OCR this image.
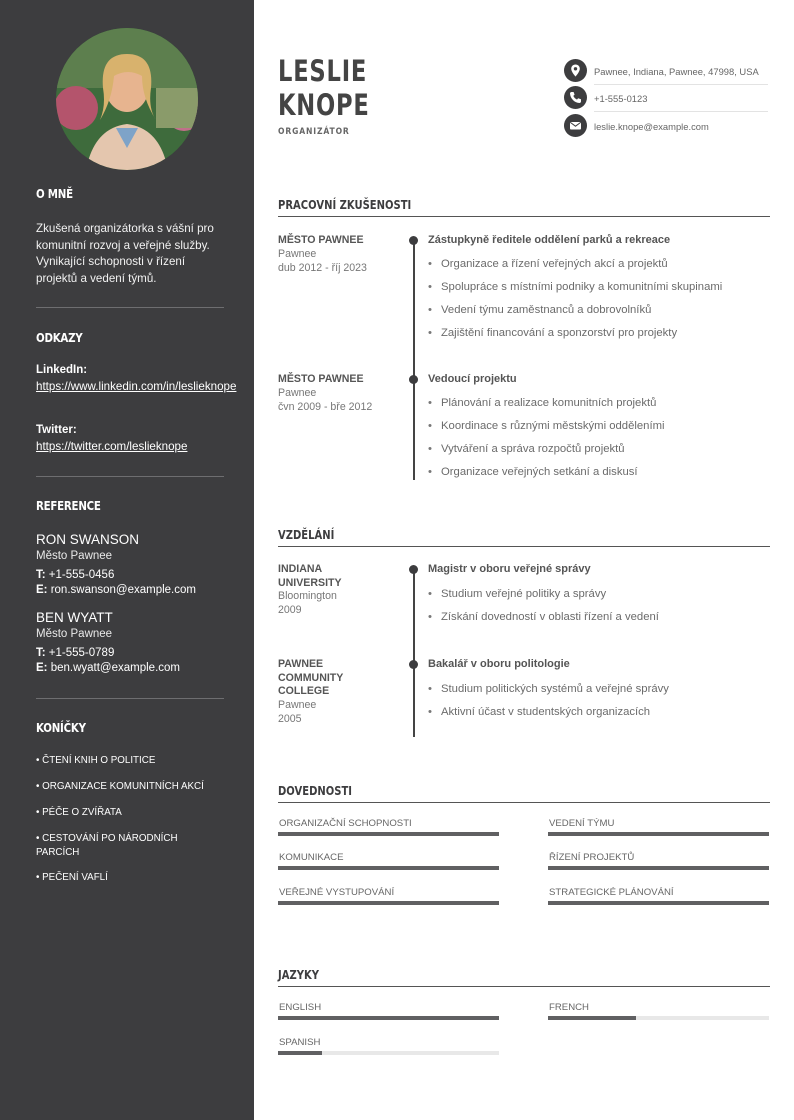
O MNĚ
Zkušená organizátorka s vášní pro komunitní rozvoj a veřejné služby. Vynikající schopnosti v řízení projektů a vedení týmů.
ODKAZY
LinkedIn:
https://www.linkedin.com/in/leslieknope
Twitter:
https://twitter.com/leslieknope
REFERENCE
RON SWANSON
Město Pawnee
T: +1-555-0456
E: ron.swanson@example.com
BEN WYATT
Město Pawnee
T: +1-555-0789
E: ben.wyatt@example.com
KONÍČKY
• ČTENÍ KNIH O POLITICE
• ORGANIZACE KOMUNITNÍCH AKCÍ
• PÉČE O ZVÍŘATA
• CESTOVÁNÍ PO NÁRODNÍCH PARCÍCH
• PEČENÍ VAFLÍ
LESLIE
KNOPE
ORGANIZÁTOR
Pawnee, Indiana, Pawnee, 47998, USA
+1-555-0123
leslie.knope@example.com
PRACOVNÍ ZKUŠENOSTI
MĚSTO PAWNEE
Pawnee
dub 2012 - říj 2023
Zástupkyně ředitele oddělení parků a rekreace
• Organizace a řízení veřejných akcí a projektů
• Spolupráce s místními podniky a komunitními skupinami
• Vedení týmu zaměstnanců a dobrovolníků
• Zajištění financování a sponzorství pro projekty
MĚSTO PAWNEE
Pawnee
čvn 2009 - bře 2012
Vedoucí projektu
• Plánování a realizace komunitních projektů
• Koordinace s různými městskými odděleními
• Vytváření a správa rozpočtů projektů
• Organizace veřejných setkání a diskusí
VZDĚLÁNÍ
INDIANA UNIVERSITY
Bloomington
2009
Magistr v oboru veřejné správy
• Studium veřejné politiky a správy
• Získání dovedností v oblasti řízení a vedení
PAWNEE COMMUNITY COLLEGE
Pawnee
2005
Bakalář v oboru politologie
• Studium politických systémů a veřejné správy
• Aktivní účast v studentských organizacích
DOVEDNOSTI
ORGANIZAČNÍ SCHOPNOSTI	VEDENÍ TÝMU
KOMUNIKACE	ŘÍZENÍ PROJEKTŮ
VEŘEJNÉ VYSTUPOVÁNÍ	STRATEGICKÉ PLÁNOVÁNÍ
JAZYKY
ENGLISH	FRENCH
SPANISH
